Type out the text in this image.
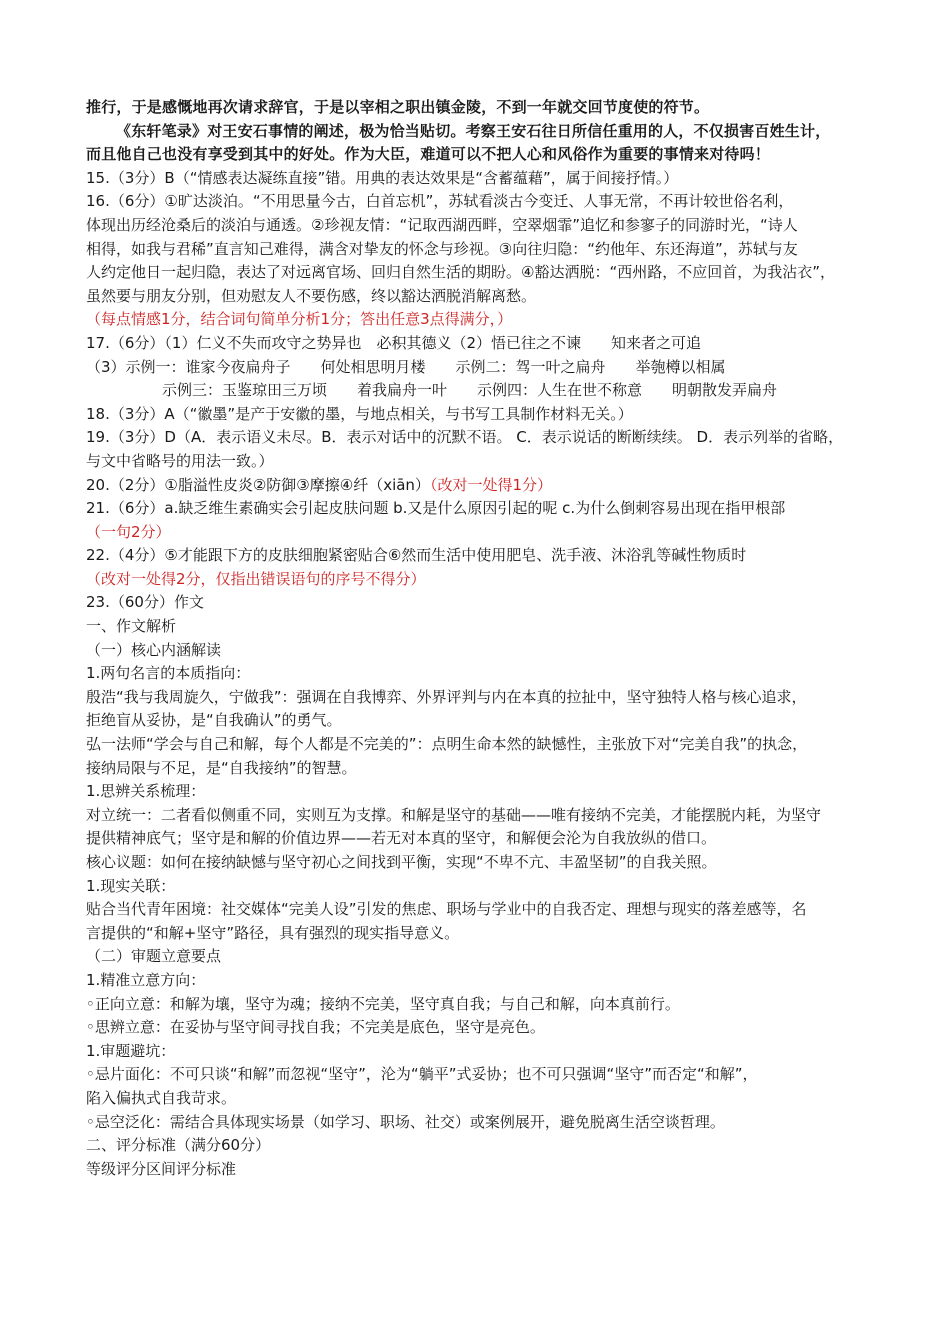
推行，于是感慨地再次请求辞官，于是以宰相之职出镇金陵，不到一年就交回节度使的符节。
《东轩笔录》对王安石事情的阐述，极为恰当贴切。考察王安石往日所信任重用的人，不仅损害百姓生计，
而且他自己也没有享受到其中的好处。作为大臣，难道可以不把人心和风俗作为重要的事情来对待吗！
15.（3分）B（“情感表达凝练直接”错。用典的表达效果是“含蓄蕴藉”，属于间接抒情。）
16.（6分）①旷达淡泊。“不用思量今古，白首忘机”，苏轼看淡古今变迁、人事无常，不再计较世俗名利，
体现出历经沧桑后的淡泊与通透。②珍视友情：“记取西湖西畔，空翠烟霏”追忆和参寥子的同游时光，“诗人
相得，如我与君稀”直言知己难得，满含对挚友的怀念与珍视。③向往归隐：“约他年、东还海道”，苏轼与友
人约定他日一起归隐，表达了对远离官场、回归自然生活的期盼。④豁达洒脱：“西州路，不应回首，为我沾衣”，
虽然要与朋友分别，但劝慰友人不要伤感，终以豁达洒脱消解离愁。
（每点情感1分，结合词句简单分析1分；答出任意3点得满分，）
17.（6分）（1）仁义不失而攻守之势异也　必积其德义（2）悟已往之不谏　　知来者之可追
（3）示例一：谁家今夜扁舟子　　何处相思明月楼　　示例二：驾一叶之扁舟　　举匏樽以相属
示例三：玉鉴琼田三万顷　　着我扁舟一叶　　示例四：人生在世不称意　　明朝散发弄扁舟
18.（3分）A（“徽墨”是产于安徽的墨，与地点相关，与书写工具制作材料无关。）
19.（3分）D（A．表示语义未尽。B．表示对话中的沉默不语。 C．表示说话的断断续续。 D．表示列举的省略，
与文中省略号的用法一致。）
20.（2分）①脂溢性皮炎②防御③摩擦④纤（xiān）（改对一处得1分）
21.（6分）a.缺乏维生素确实会引起皮肤问题 b.又是什么原因引起的呢 c.为什么倒刺容易出现在指甲根部
（一句2分）
22.（4分）⑤才能跟下方的皮肤细胞紧密贴合⑥然而生活中使用肥皂、洗手液、沐浴乳等碱性物质时
（改对一处得2分，仅指出错误语句的序号不得分）
23.（60分）作文
一、作文解析
（一）核心内涵解读
1.两句名言的本质指向：
殷浩“我与我周旋久，宁做我”：强调在自我博弈、外界评判与内在本真的拉扯中，坚守独特人格与核心追求，
拒绝盲从妥协，是“自我确认”的勇气。
弘一法师“学会与自己和解，每个人都是不完美的”：点明生命本然的缺憾性，主张放下对“完美自我”的执念，
接纳局限与不足，是“自我接纳”的智慧。
1.思辨关系梳理：
对立统一：二者看似侧重不同，实则互为支撑。和解是坚守的基础——唯有接纳不完美，才能摆脱内耗，为坚守
提供精神底气；坚守是和解的价值边界——若无对本真的坚守，和解便会沦为自我放纵的借口。
核心议题：如何在接纳缺憾与坚守初心之间找到平衡，实现“不卑不亢、丰盈坚韧”的自我关照。
1.现实关联：
贴合当代青年困境：社交媒体“完美人设”引发的焦虑、职场与学业中的自我否定、理想与现实的落差感等，名
言提供的“和解+坚守”路径，具有强烈的现实指导意义。
（二）审题立意要点
1.精准立意方向：
◦正向立意：和解为壤，坚守为魂；接纳不完美，坚守真自我；与自己和解，向本真前行。
◦思辨立意：在妥协与坚守间寻找自我；不完美是底色，坚守是亮色。
1.审题避坑：
◦忌片面化：不可只谈“和解”而忽视“坚守”，沦为“躺平”式妥协；也不可只强调“坚守”而否定“和解”，
陷入偏执式自我苛求。
◦忌空泛化：需结合具体现实场景（如学习、职场、社交）或案例展开，避免脱离生活空谈哲理。
二、评分标准（满分60分）
等级评分区间评分标准
